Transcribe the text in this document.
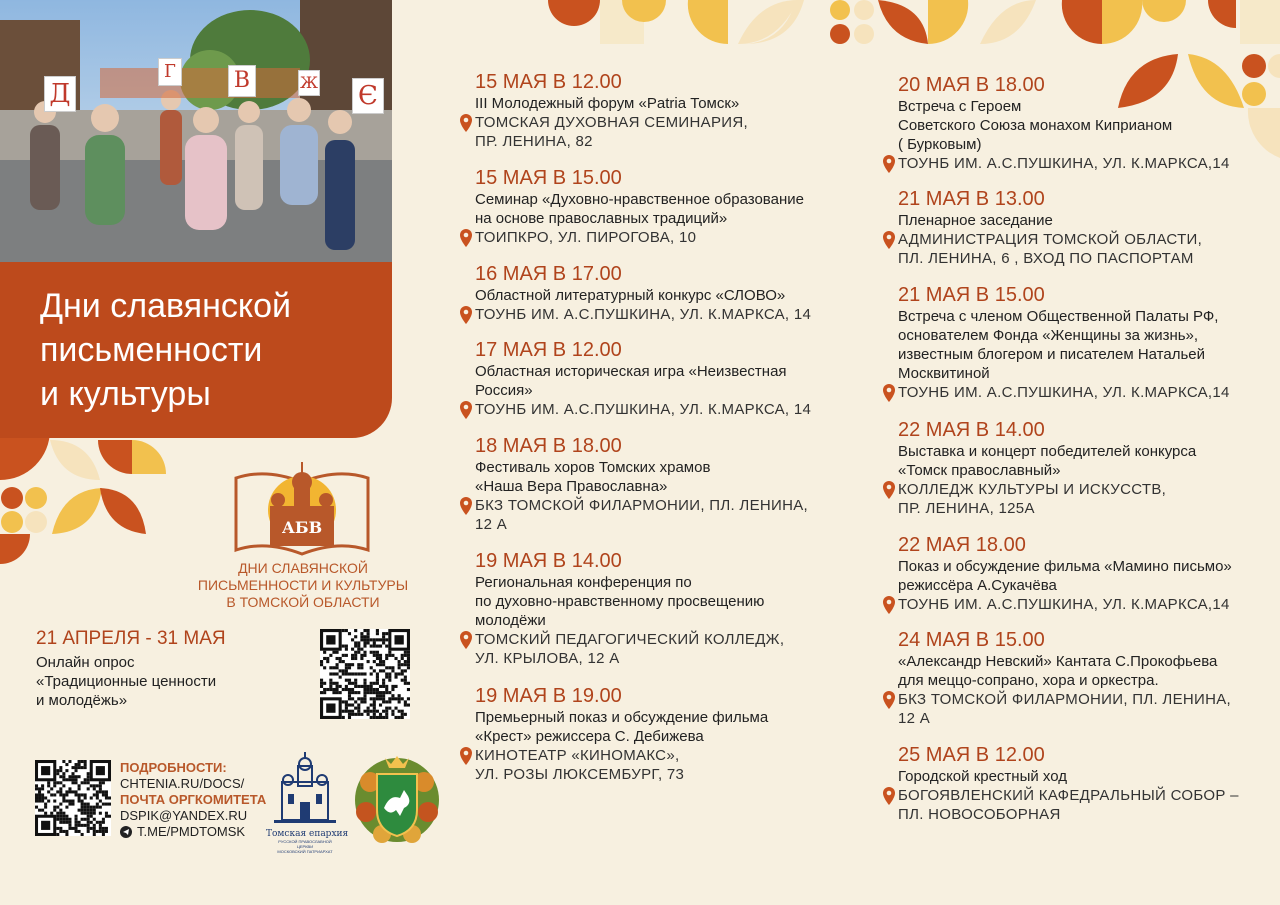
Д
Г	В	Ж Є
Дни славянской
письменности
и культуры
АБВ
ДНИ СЛАВЯНСКОЙ
ПИСЬМЕННОСТИ И КУЛЬТУРЫ
В ТОМСКОЙ ОБЛАСТИ
21 АПРЕЛЯ - 31 МАЯ
Онлайн опрос
«Традиционные ценности
и молодёжь»
ПОДРОБНОСТИ:
CHTENIA.RU/DOCS/
ПОЧТА ОРГКОМИТЕТА
DSPIK@YANDEX.RU
T.ME/PMDTOMSK Томская епархия
РУССКОЙ ПРАВОСЛАВНОЙ ЦЕРКВИ
МОСКОВСКИЙ ПАТРИАРХАТ
15 МАЯ В 12.00
III Молодежный форум «Patria Томск»
ТОМСКАЯ ДУХОВНАЯ СЕМИНАРИЯ,
ПР. ЛЕНИНА, 82
15 МАЯ В 15.00
Семинар «Духовно-нравственное образование
на основе православных традиций»
ТОИПКРО, УЛ. ПИРОГОВА, 10
16 МАЯ В 17.00
Областной литературный конкурс «СЛОВО»
ТОУНБ ИМ. А.С.ПУШКИНА, УЛ. К.МАРКСА, 14
17 МАЯ В 12.00
Областная историческая игра «Неизвестная
Россия»
ТОУНБ ИМ. А.С.ПУШКИНА, УЛ. К.МАРКСА, 14
18 МАЯ В 18.00
Фестиваль хоров Томских храмов
«Наша Вера Православна»
БКЗ ТОМСКОЙ ФИЛАРМОНИИ, ПЛ. ЛЕНИНА,
12 А
19 МАЯ В 14.00
Региональная конференция по
по духовно-нравственному просвещению
молодёжи
ТОМСКИЙ ПЕДАГОГИЧЕСКИЙ КОЛЛЕДЖ,
УЛ. КРЫЛОВА, 12 А
19 МАЯ В 19.00
Премьерный показ и обсуждение фильма
«Крест» режиссера С. Дебижева
КИНОТЕАТР «КИНОМАКС»,
УЛ. РОЗЫ ЛЮКСЕМБУРГ, 73
20 МАЯ В 18.00
Встреча с Героем
Советского Союза монахом Киприаном
( Бурковым)
ТОУНБ ИМ. А.С.ПУШКИНА, УЛ. К.МАРКСА,14
21 МАЯ В 13.00
Пленарное заседание
АДМИНИСТРАЦИЯ ТОМСКОЙ ОБЛАСТИ,
ПЛ. ЛЕНИНА, 6 , ВХОД ПО ПАСПОРТАМ
21 МАЯ В 15.00
Встреча с членом Общественной Палаты РФ,
основaтелем Фонда «Женщины за жизнь»,
известным блогером и писателем Натальей
Москвитиной
ТОУНБ ИМ. А.С.ПУШКИНА, УЛ. К.МАРКСА,14
22 МАЯ В 14.00
Выставка и концерт победителей конкурса
«Томск православный»
КОЛЛЕДЖ КУЛЬТУРЫ И ИСКУССТВ,
ПР. ЛЕНИНА, 125А
22 МАЯ 18.00
Показ и обсуждение фильма «Мамино письмо»
режиссёра А.Сукачёва
ТОУНБ ИМ. А.С.ПУШКИНА, УЛ. К.МАРКСА,14
24 МАЯ В 15.00
«Александр Невский» Кантата С.Прокофьева
для меццо-сопрано, хора и оркестра.
БКЗ ТОМСКОЙ ФИЛАРМОНИИ, ПЛ. ЛЕНИНА,
12 А
25 МАЯ В 12.00
Городской крестный ход
БОГОЯВЛЕНСКИЙ КАФЕДРАЛЬНЫЙ СОБОР –
ПЛ. НОВОСОБОРНАЯ
